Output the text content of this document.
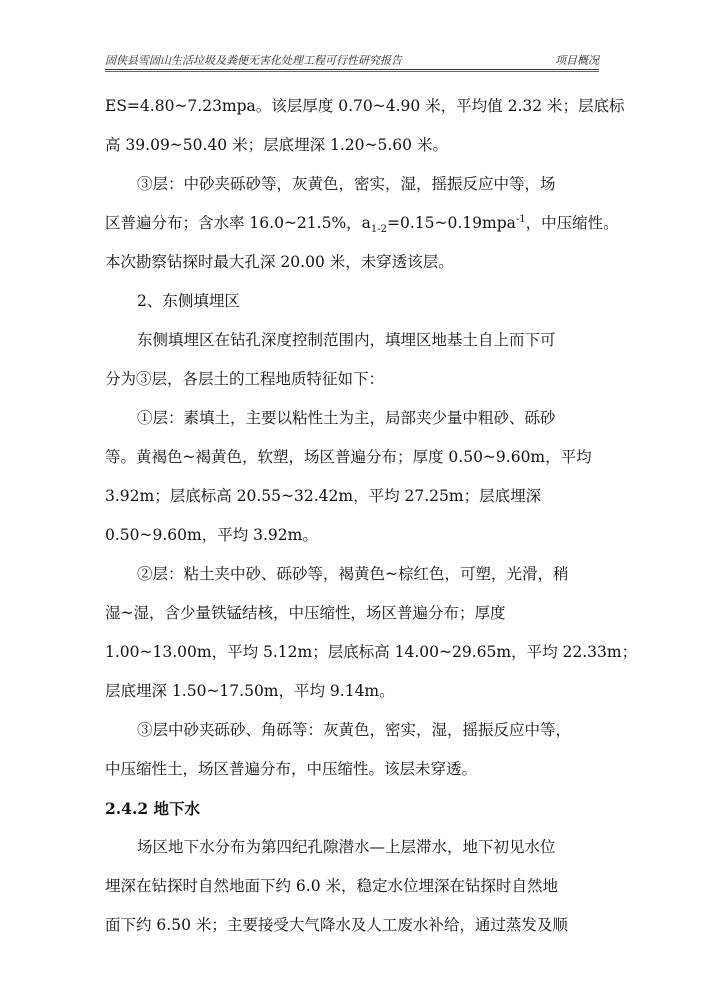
固侠县雪固山生活垃圾及粪便无害化处理工程可行性研究报告	项目概况
ES=4.80~7.23mpa。该层厚度 0.70~4.90 米，平均值 2.32 米；层底标
高 39.09~50.40 米；层底埋深 1.20~5.60 米。
③层：中砂夹砾砂等，灰黄色，密实，湿，摇振反应中等，场
区普遍分布；含水率 16.0~21.5%，$a_{1-2}=0.15\sim 0.19mpa^{-1}$，中压缩性。
本次勘察钻探时最大孔深 20.00 米，未穿透该层。
2、东侧填埋区
东侧填埋区在钻孔深度控制范围内，填埋区地基土自上而下可
分为③层，各层土的工程地质特征如下：
①层：素填土，主要以粘性土为主，局部夹少量中粗砂、砾砂
等。黄褐色~褐黄色，软塑，场区普遍分布；厚度 0.50~9.60m，平均
3.92m；层底标高 20.55~32.42m，平均 27.25m；层底埋深
0.50~9.60m，平均 3.92m。
②层：粘土夹中砂、砾砂等，褐黄色~棕红色，可塑，光滑，稍
湿~湿，含少量铁锰结核，中压缩性，场区普遍分布；厚度
1.00~13.00m，平均 5.12m；层底标高 14.00~29.65m，平均 22.33m；
层底埋深 1.50~17.50m，平均 9.14m。
③层中砂夹砾砂、角砾等：灰黄色，密实，湿，摇振反应中等，
中压缩性土，场区普遍分布，中压缩性。该层未穿透。
2.4.2 地下水
场区地下水分布为第四纪孔隙潜水—上层滞水，地下初见水位
埋深在钻探时自然地面下约 6.0 米，稳定水位埋深在钻探时自然地
面下约 6.50 米；主要接受大气降水及人工废水补给，通过蒸发及顺
